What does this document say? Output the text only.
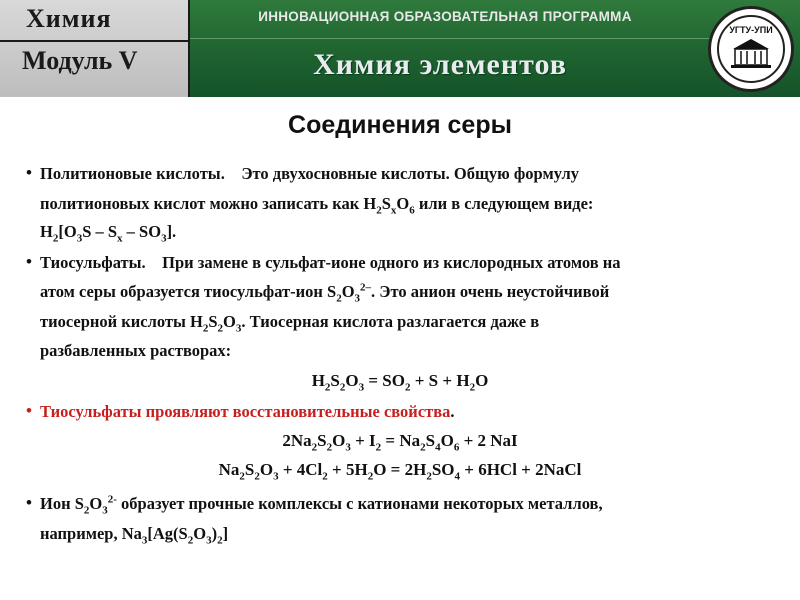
Химия
Модуль V
ИННОВАЦИОННАЯ ОБРАЗОВАТЕЛЬНАЯ ПРОГРАММА
Химия элементов
УГТУ-УПИ
Соединения серы
• Политионовые кислоты. Это двухосновные кислоты. Общую формулу
политионовых кислот можно записать как $H_2S_xO_6$ или в следующем виде:
$H_2[O_3S - S_x - SO_3]$.
• Тиосульфаты. При замене в сульфат-ионе одного из кислородных атомов на
атом серы образуется тиосульфат-ион $S_2O_3^{2-}$. Это анион очень неустойчивой
тиосерной кислоты $H_2S_2O_3$. Тиосерная кислота разлагается даже в
разбавленных растворах:
$H_2S_2O_3 = SO_2 + S + H_2O$
• Тиосульфаты проявляют восстановительные свойства.
$2Na_2S_2O_3 + I_2 = Na_2S_4O_6 + 2$ NaI
$Na_2S_2O_3 + 4Cl_2 + 5H_2O = 2H_2SO_4 + 6HCl$ + 2NaCl
• Ион $S_2O_3^{2-}$ образует прочные комплексы с катионами некоторых металлов,
например, $Na_3[Ag(S_2O_3)_2]$
